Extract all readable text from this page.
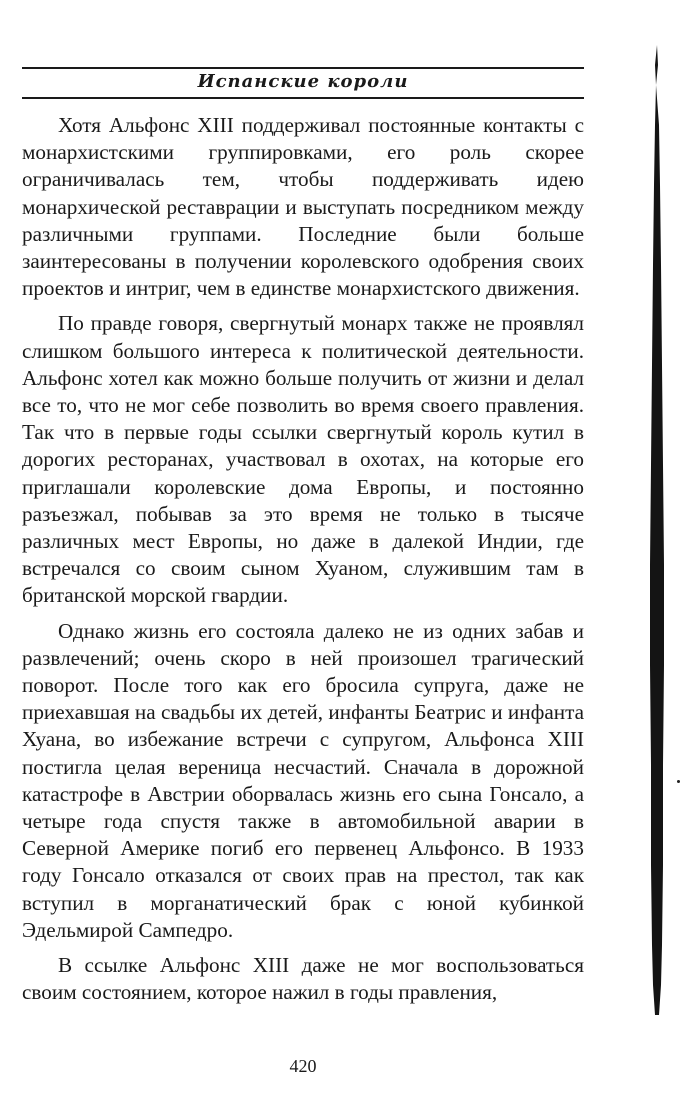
Испанские короли

Хотя Альфонс XIII поддерживал постоянные контакты с монархистскими группировками, его роль скорее ограничивалась тем, чтобы поддерживать идею монархической реставрации и выступать посредником между различными группами. Последние были больше заинтересованы в получении королевского одобрения своих проектов и интриг, чем в единстве монархистского движения.

По правде говоря, свергнутый монарх также не проявлял слишком большого интереса к политической деятельности. Альфонс хотел как можно больше получить от жизни и делал все то, что не мог себе позволить во время своего правления. Так что в первые годы ссылки свергнутый король кутил в дорогих ресторанах, участвовал в охотах, на которые его приглашали королевские дома Европы, и постоянно разъезжал, побывав за это время не только в тысяче различных мест Европы, но даже в далекой Индии, где встречался со своим сыном Хуаном, служившим там в британской морской гвардии.

Однако жизнь его состояла далеко не из одних забав и развлечений; очень скоро в ней произошел трагический поворот. После того как его бросила супруга, даже не приехавшая на свадьбы их детей, инфанты Беатрис и инфанта Хуана, во избежание встречи с супругом, Альфонса XIII постигла целая вереница несчастий. Сначала в дорожной катастрофе в Австрии оборвалась жизнь его сына Гонсало, а четыре года спустя также в автомобильной аварии в Северной Америке погиб его первенец Альфонсо. В 1933 году Гонсало отказался от своих прав на престол, так как вступил в морганатический брак с юной кубинкой Эдельмирой Сампедро.

В ссылке Альфонс XIII даже не мог воспользоваться своим состоянием, которое нажил в годы правления,

420
